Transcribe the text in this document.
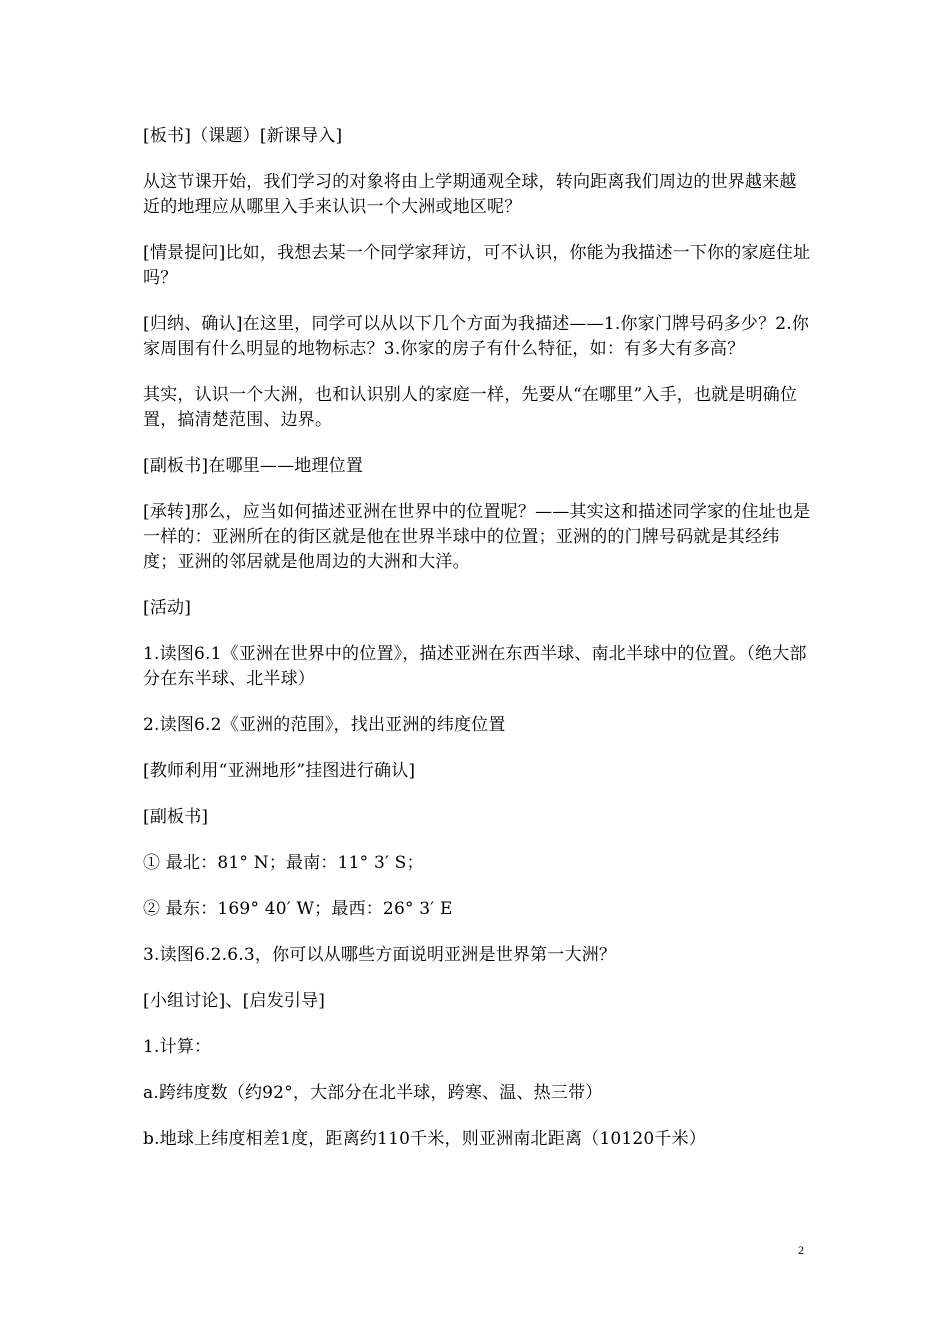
[板书]（课题）[新课导入]

从这节课开始，我们学习的对象将由上学期通观全球，转向距离我们周边的世界越来越近的地理应从哪里入手来认识一个大洲或地区呢？

[情景提问]比如，我想去某一个同学家拜访，可不认识，你能为我描述一下你的家庭住址吗？

[归纳、确认]在这里，同学可以从以下几个方面为我描述——1.你家门牌号码多少？2.你家周围有什么明显的地物标志？3.你家的房子有什么特征，如：有多大有多高？

其实，认识一个大洲，也和认识别人的家庭一样，先要从“在哪里”入手，也就是明确位置，搞清楚范围、边界。

[副板书]在哪里——地理位置

[承转]那么，应当如何描述亚洲在世界中的位置呢？——其实这和描述同学家的住址也是一样的：亚洲所在的街区就是他在世界半球中的位置；亚洲的的门牌号码就是其经纬度；亚洲的邻居就是他周边的大洲和大洋。

[活动]

1.读图6.1《亚洲在世界中的位置》，描述亚洲在东西半球、南北半球中的位置。（绝大部分在东半球、北半球）

2.读图6.2《亚洲的范围》，找出亚洲的纬度位置

[教师利用“亚洲地形”挂图进行确认]

[副板书]

① 最北：81° N；最南：11° 3′ S；

② 最东：169° 40′ W；最西：26° 3′ E

3.读图6.2.6.3，你可以从哪些方面说明亚洲是世界第一大洲？

[小组讨论]、[启发引导]

1.计算：

a.跨纬度数（约92°，大部分在北半球，跨寒、温、热三带）

b.地球上纬度相差1度，距离约110千米，则亚洲南北距离（10120千米）

2
